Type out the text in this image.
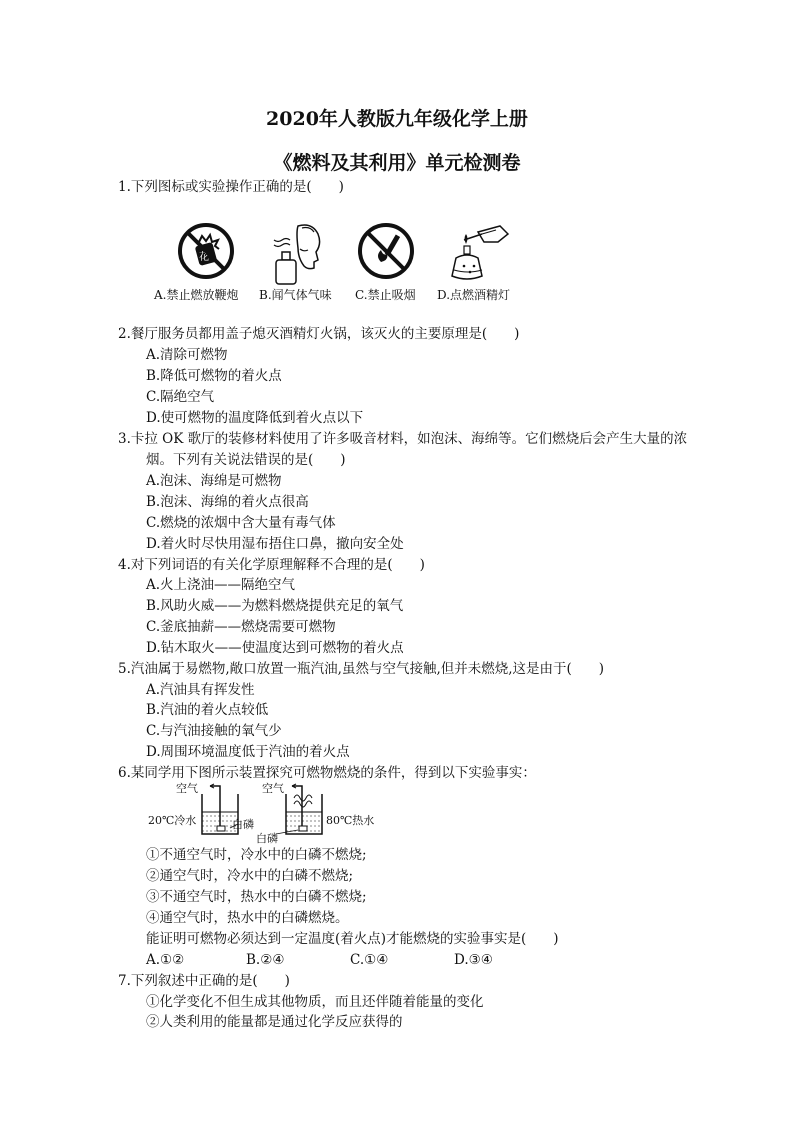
2020年人教版九年级化学上册
《燃料及其利用》单元检测卷
1.下列图标或实验操作正确的是(　　)
花
A.禁止燃放鞭炮 B.闻气体气味 C.禁止吸烟 D.点燃酒精灯
2.餐厅服务员都用盖子熄灭酒精灯火锅，该灭火的主要原理是(　　)
A.清除可燃物
B.降低可燃物的着火点
C.隔绝空气
D.使可燃物的温度降低到着火点以下
3.卡拉 OK 歌厅的装修材料使用了许多吸音材料，如泡沫、海绵等。它们燃烧后会产生大量的浓
烟。下列有关说法错误的是(　　)
A.泡沫、海绵是可燃物
B.泡沫、海绵的着火点很高
C.燃烧的浓烟中含大量有毒气体
D.着火时尽快用湿布捂住口鼻，撤向安全处
4.对下列词语的有关化学原理解释不合理的是(　　)
A.火上浇油——隔绝空气
B.风助火威——为燃料燃烧提供充足的氧气
C.釜底抽薪——燃烧需要可燃物
D.钻木取火——使温度达到可燃物的着火点
5.汽油属于易燃物,敞口放置一瓶汽油,虽然与空气接触,但并未燃烧,这是由于(　　)
A.汽油具有挥发性
B.汽油的着火点较低
C.与汽油接触的氧气少
D.周围环境温度低于汽油的着火点
6.某同学用下图所示装置探究可燃物燃烧的条件，得到以下实验事实：
空气	空气
20℃冷水	白磷
白磷
80℃热水
①不通空气时，冷水中的白磷不燃烧;
②通空气时，冷水中的白磷不燃烧;
③不通空气时，热水中的白磷不燃烧;
④通空气时，热水中的白磷燃烧。
能证明可燃物必须达到一定温度(着火点)才能燃烧的实验事实是(　　)
A.①②	B.②④	C.①④	D.③④
7.下列叙述中正确的是(　　)
①化学变化不但生成其他物质，而且还伴随着能量的变化
②人类利用的能量都是通过化学反应获得的
